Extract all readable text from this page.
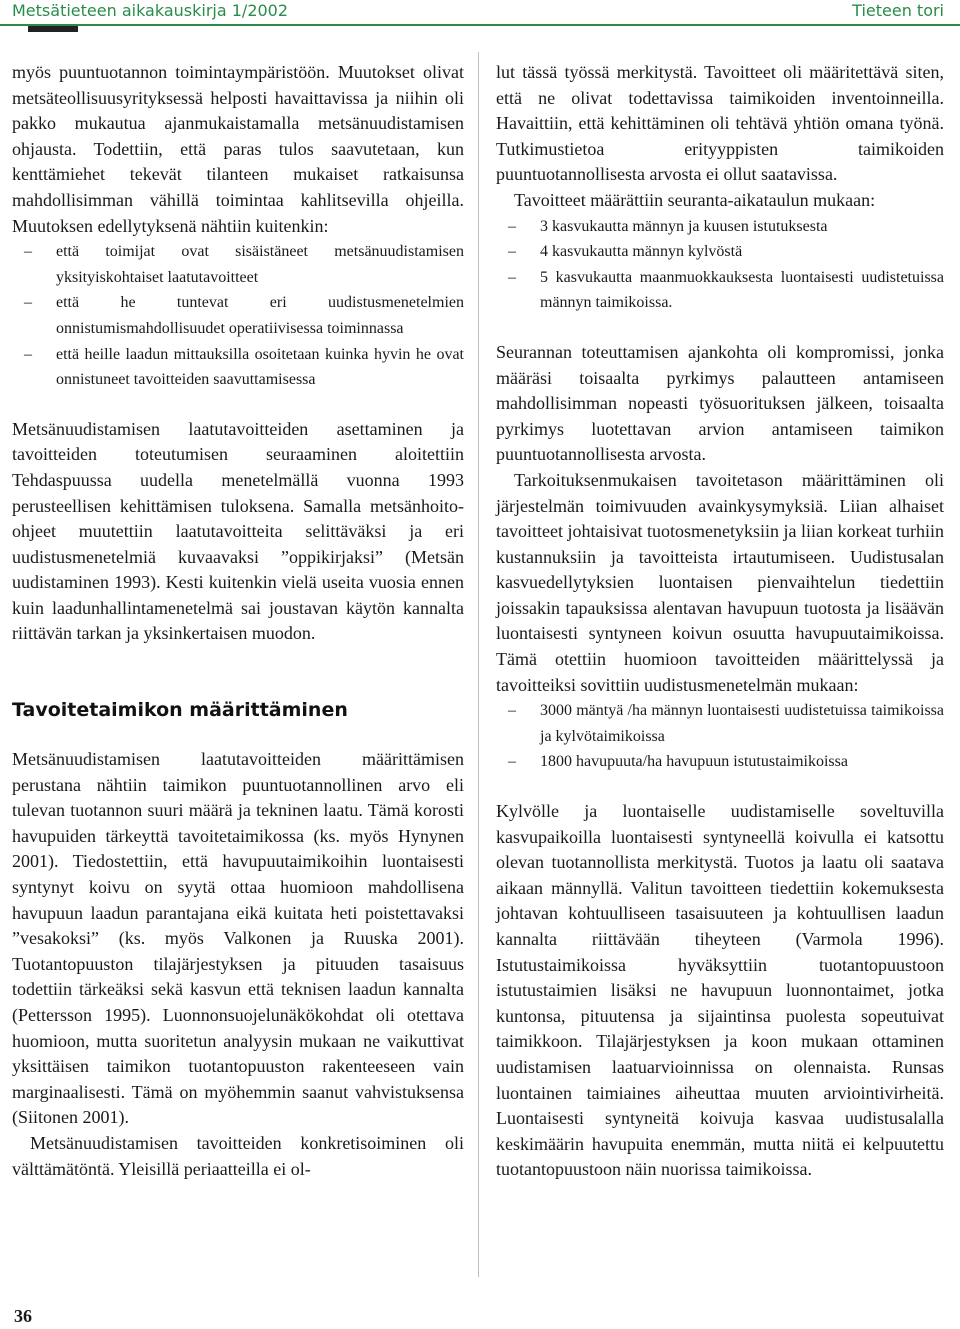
Metsätieteen aikakauskirja 1/2002	Tieteen tori

myös puuntuotannon toimintaympäristöön. Muutokset olivat metsäteollisuusyrityksessä helposti havaittavissa ja niihin oli pakko mukautua ajanmukaistamalla metsänuudistamisen ohjausta. Todettiin, että paras tulos saavutetaan, kun kenttämiehet tekevät tilanteen mukaiset ratkaisunsa mahdollisimman vähillä toimintaa kahlitsevilla ohjeilla. Muutoksen edellytyksenä nähtiin kuitenkin:

– että toimijat ovat sisäistäneet metsänuudistamisen yksityiskohtaiset laatutavoitteet
– että he tuntevat eri uudistusmenetelmien onnistumismahdollisuudet operatiivisessa toiminnassa
– että heille laadun mittauksilla osoitetaan kuinka hyvin he ovat onnistuneet tavoitteiden saavuttamisessa

Metsänuudistamisen laatutavoitteiden asettaminen ja tavoitteiden toteutumisen seuraaminen aloitettiin Tehdaspuussa uudella menetelmällä vuonna 1993 perusteellisen kehittämisen tuloksena. Samalla metsänhoito-ohjeet muutettiin laatutavoitteita selittäväksi ja eri uudistusmenetelmiä kuvaavaksi ”oppikirjaksi” (Metsän uudistaminen 1993). Kesti kuitenkin vielä useita vuosia ennen kuin laadunhallintamenetelmä sai joustavan käytön kannalta riittävän tarkan ja yksinkertaisen muodon.

Tavoitetaimikon määrittäminen

Metsänuudistamisen laatutavoitteiden määrittämisen perustana nähtiin taimikon puuntuotannollinen arvo eli tulevan tuotannon suuri määrä ja tekninen laatu. Tämä korosti havupuiden tärkeyttä tavoitetaimikossa (ks. myös Hynynen 2001). Tiedostettiin, että havupuutaimikoihin luontaisesti syntynyt koivu on syytä ottaa huomioon mahdollisena havupuun laadun parantajana eikä kuitata heti poistettavaksi ”vesakoksi” (ks. myös Valkonen ja Ruuska 2001). Tuotantopuuston tilajärjestyksen ja pituuden tasaisuus todettiin tärkeäksi sekä kasvun että teknisen laadun kannalta (Pettersson 1995). Luonnonsuojelunäkökohdat oli otettava huomioon, mutta suoritetun analyysin mukaan ne vaikuttivat yksittäisen taimikon tuotantopuuston rakenteeseen vain marginaalisesti. Tämä on myöhemmin saanut vahvistuksensa (Siitonen 2001).

Metsänuudistamisen tavoitteiden konkretisoiminen oli välttämätöntä. Yleisillä periaatteilla ei ol-

lut tässä työssä merkitystä. Tavoitteet oli määritettävä siten, että ne olivat todettavissa taimikoiden inventoinneilla. Havaittiin, että kehittäminen oli tehtävä yhtiön omana työnä. Tutkimustietoa erityyppisten taimikoiden puuntuotannollisesta arvosta ei ollut saatavissa.

Tavoitteet määrättiin seuranta-aikataulun mukaan:

– 3 kasvukautta männyn ja kuusen istutuksesta
– 4 kasvukautta männyn kylvöstä
– 5 kasvukautta maanmuokkauksesta luontaisesti uudistetuissa männyn taimikoissa.

Seurannan toteuttamisen ajankohta oli kompromissi, jonka määräsi toisaalta pyrkimys palautteen antamiseen mahdollisimman nopeasti työsuorituksen jälkeen, toisaalta pyrkimys luotettavan arvion antamiseen taimikon puuntuotannollisesta arvosta.

Tarkoituksenmukaisen tavoitetason määrittäminen oli järjestelmän toimivuuden avainkysymyksiä. Liian alhaiset tavoitteet johtaisivat tuotosmenetyksiin ja liian korkeat turhiin kustannuksiin ja tavoitteista irtautumiseen. Uudistusalan kasvuedellytyksien luontaisen pienvaihtelun tiedettiin joissakin tapauksissa alentavan havupuun tuotosta ja lisäävän luontaisesti syntyneen koivun osuutta havupuutaimikoissa. Tämä otettiin huomioon tavoitteiden määrittelyssä ja tavoitteiksi sovittiin uudistusmenetelmän mukaan:

– 3000 mäntyä /ha männyn luontaisesti uudistetuissa taimikoissa ja kylvötaimikoissa
– 1800 havupuuta/ha havupuun istutustaimikoissa

Kylvölle ja luontaiselle uudistamiselle soveltuvilla kasvupaikoilla luontaisesti syntyneellä koivulla ei katsottu olevan tuotannollista merkitystä. Tuotos ja laatu oli saatava aikaan männyllä. Valitun tavoitteen tiedettiin kokemuksesta johtavan kohtuulliseen tasaisuuteen ja kohtuullisen laadun kannalta riittävään tiheyteen (Varmola 1996). Istutustaimikoissa hyväksyttiin tuotantopuustoon istutustaimien lisäksi ne havupuun luonnontaimet, jotka kuntonsa, pituutensa ja sijaintinsa puolesta sopeutuivat taimikkoon. Tilajärjestyksen ja koon mukaan ottaminen uudistamisen laatuarvioinnissa on olennaista. Runsas luontainen taimiaines aiheuttaa muuten arviointivirheitä. Luontaisesti syntyneitä koivuja kasvaa uudistusalalla keskimäärin havupuita enemmän, mutta niitä ei kelpuutettu tuotantopuustoon näin nuorissa taimikoissa.

36
